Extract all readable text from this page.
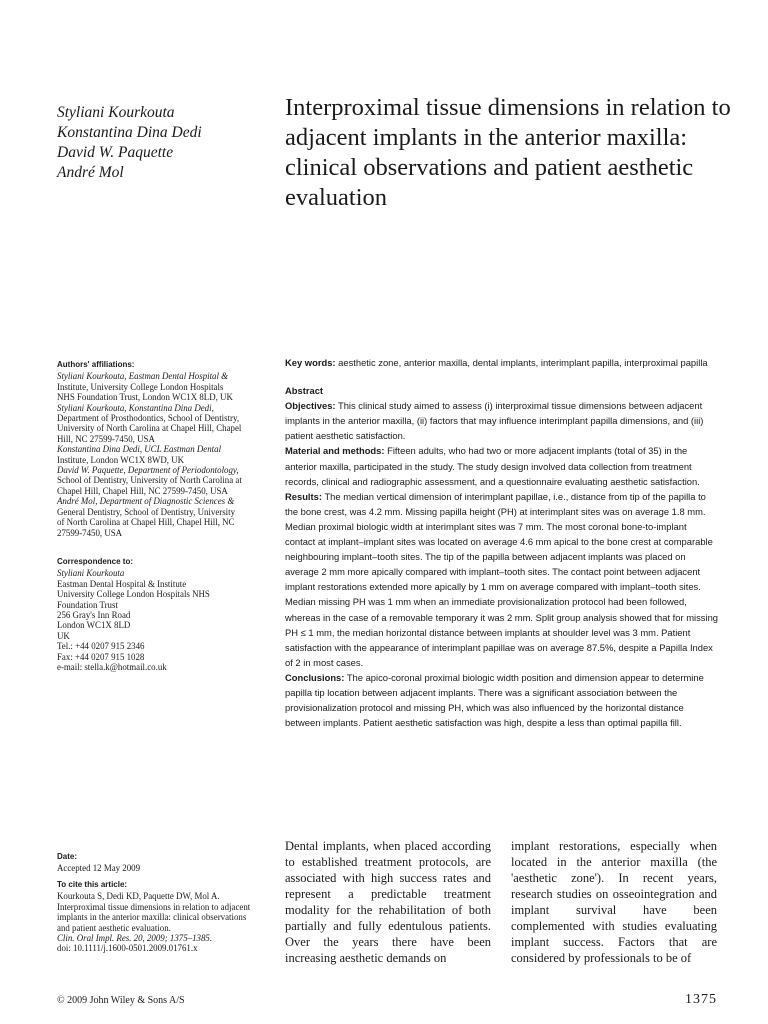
Styliani Kourkouta
Konstantina Dina Dedi
David W. Paquette
André Mol
Interproximal tissue dimensions in relation to adjacent implants in the anterior maxilla: clinical observations and patient aesthetic evaluation
Authors' affiliations:
Styliani Kourkouta, Eastman Dental Hospital &
Institute, University College London Hospitals
NHS Foundation Trust, London WC1X 8LD, UK
Styliani Kourkouta, Konstantina Dina Dedi,
Department of Prosthodontics, School of Dentistry,
University of North Carolina at Chapel Hill, Chapel
Hill, NC 27599-7450, USA
Konstantina Dina Dedi, UCL Eastman Dental
Institute, London WC1X 8WD, UK
David W. Paquette, Department of Periodontology,
School of Dentistry, University of North Carolina at
Chapel Hill, Chapel Hill, NC 27599-7450, USA
André Mol, Department of Diagnostic Sciences &
General Dentistry, School of Dentistry, University
of North Carolina at Chapel Hill, Chapel Hill, NC
27599-7450, USA
Correspondence to:
Styliani Kourkouta
Eastman Dental Hospital & Institute
University College London Hospitals NHS
Foundation Trust
256 Gray's Inn Road
London WC1X 8LD
UK
Tel.: +44 0207 915 2346
Fax: +44 0207 915 1028
e-mail: stella.k@hotmail.co.uk
Date:
Accepted 12 May 2009
To cite this article:
Kourkouta S, Dedi KD, Paquette DW, Mol A.
Interproximal tissue dimensions in relation to adjacent
implants in the anterior maxilla: clinical observations
and patient aesthetic evaluation.
Clin. Oral Impl. Res. 20, 2009; 1375–1385.
doi: 10.1111/j.1600-0501.2009.01761.x

Key words: aesthetic zone, anterior maxilla, dental implants, interimplant papilla, interproximal papilla

Abstract

Objectives: This clinical study aimed to assess (i) interproximal tissue dimensions between adjacent implants in the anterior maxilla, (ii) factors that may influence interimplant papilla dimensions, and (iii) patient aesthetic satisfaction.

Material and methods: Fifteen adults, who had two or more adjacent implants (total of 35) in the anterior maxilla, participated in the study. The study design involved data collection from treatment records, clinical and radiographic assessment, and a questionnaire evaluating aesthetic satisfaction.

Results: The median vertical dimension of interimplant papillae, i.e., distance from tip of the papilla to the bone crest, was 4.2 mm. Missing papilla height (PH) at interimplant sites was on average 1.8 mm. Median proximal biologic width at interimplant sites was 7 mm. The most coronal bone-to-implant contact at implant–implant sites was located on average 4.6 mm apical to the bone crest at comparable neighbouring implant–tooth sites. The tip of the papilla between adjacent implants was placed on average 2 mm more apically compared with implant–tooth sites. The contact point between adjacent implant restorations extended more apically by 1 mm on average compared with implant–tooth sites. Median missing PH was 1 mm when an immediate provisionalization protocol had been followed, whereas in the case of a removable temporary it was 2 mm. Split group analysis showed that for missing PH ≤ 1 mm, the median horizontal distance between implants at shoulder level was 3 mm. Patient satisfaction with the appearance of interimplant papillae was on average 87.5%, despite a Papilla Index of 2 in most cases.

Conclusions: The apico-coronal proximal biologic width position and dimension appear to determine papilla tip location between adjacent implants. There was a significant association between the provisionalization protocol and missing PH, which was also influenced by the horizontal distance between implants. Patient aesthetic satisfaction was high, despite a less than optimal papilla fill.

Dental implants, when placed according to established treatment protocols, are associated with high success rates and represent a predictable treatment modality for the rehabilitation of both partially and fully edentulous patients. Over the years there have been increasing aesthetic demands on
implant restorations, especially when located in the anterior maxilla (the 'aesthetic zone'). In recent years, research studies on osseointegration and implant survival have been complemented with studies evaluating implant success. Factors that are considered by professionals to be of
© 2009 John Wiley & Sons A/S	1375
